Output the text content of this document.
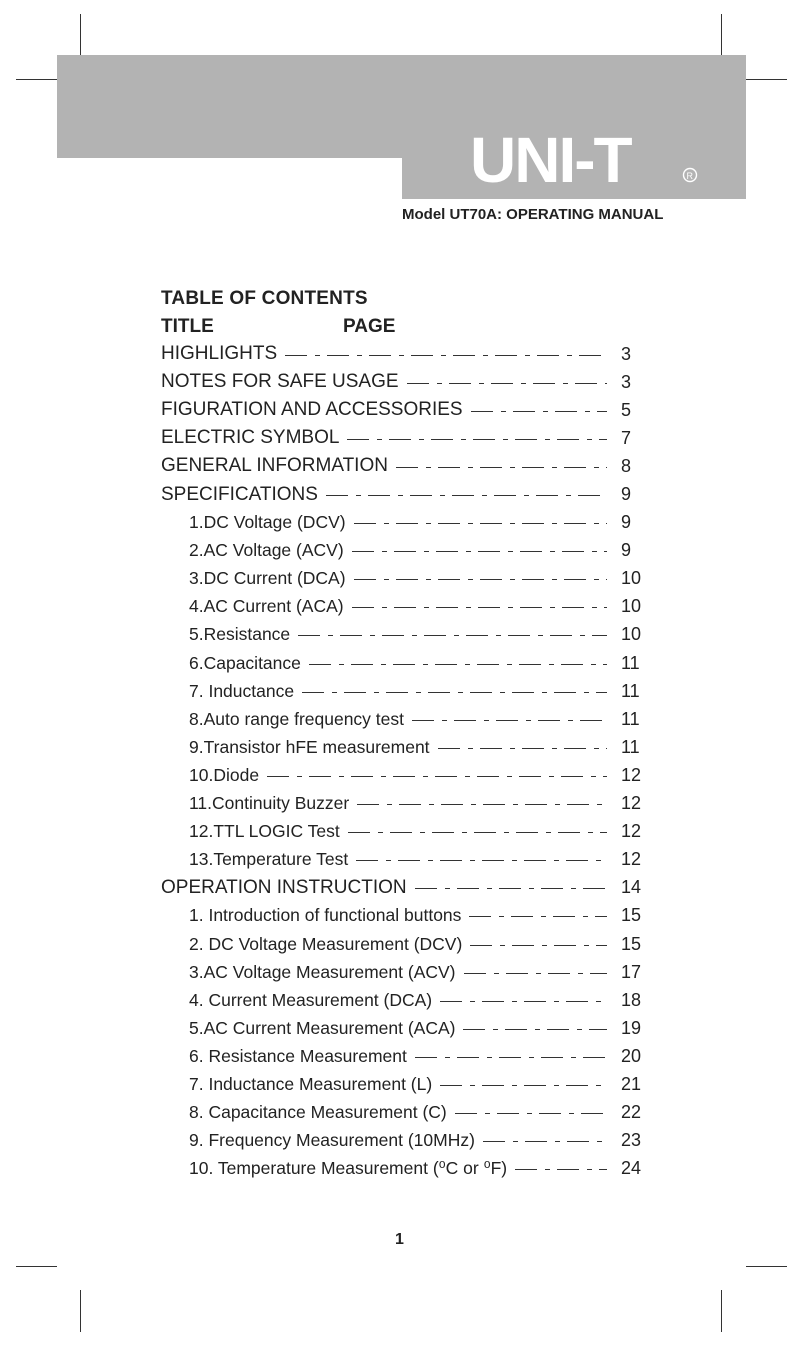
UNI-T	R
Model UT70A: OPERATING MANUAL
TABLE OF CONTENTS
TITLE	PAGE
HIGHLIGHTS	3
NOTES FOR SAFE USAGE	3
FIGURATION AND ACCESSORIES	5
ELECTRIC SYMBOL	7
GENERAL INFORMATION	8
SPECIFICATIONS	9
1.DC Voltage (DCV)	9
2.AC Voltage (ACV)	9
3.DC Current (DCA)	10
4.AC Current (ACA)	10
5.Resistance	10
6.Capacitance	11
7. Inductance	11
8.Auto range frequency test	11
9.Transistor hFE measurement	11
10.Diode	12
11.Continuity Buzzer	12
12.TTL LOGIC Test	12
13.Temperature Test	12
OPERATION INSTRUCTION	14
1. Introduction of functional buttons	15
2. DC Voltage Measurement (DCV)	15
3.AC Voltage Measurement (ACV)	17
4. Current Measurement (DCA)	18
5.AC Current Measurement (ACA)	19
6. Resistance Measurement	20
7. Inductance Measurement (L)	21
8. Capacitance Measurement (C)	22
9. Frequency Measurement (10MHz)	23
10. Temperature Measurement (⁰C or ⁰F)	24
1
